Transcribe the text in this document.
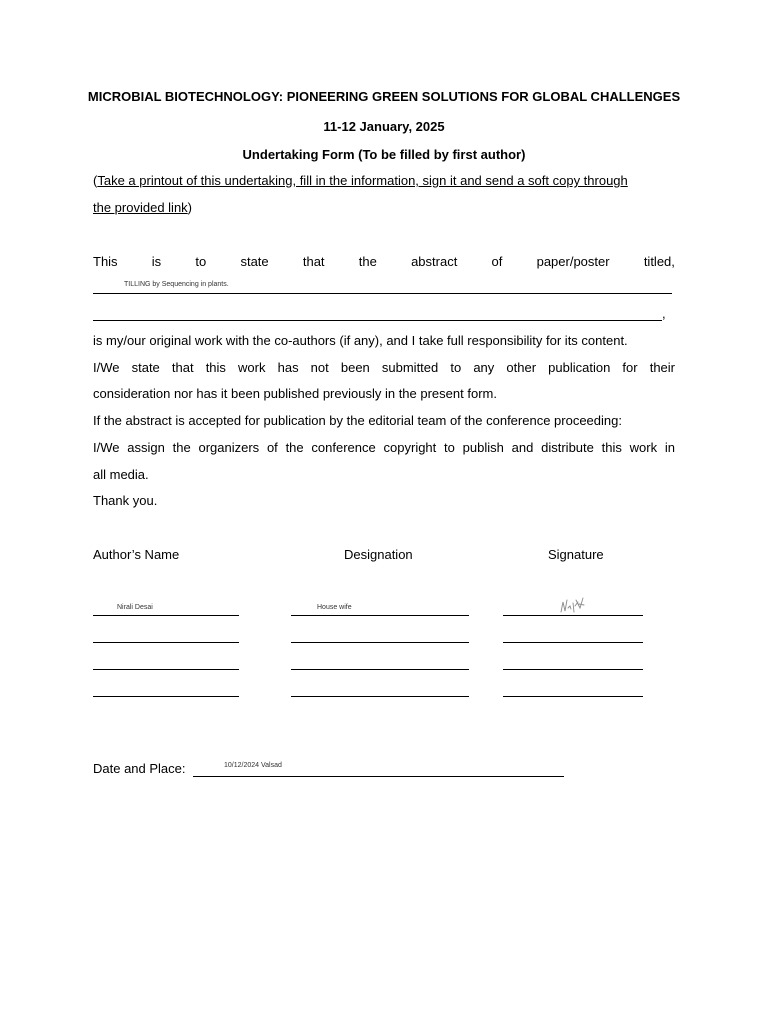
MICROBIAL BIOTECHNOLOGY: PIONEERING GREEN SOLUTIONS FOR GLOBAL CHALLENGES
11-12 January, 2025
Undertaking Form (To be filled by first author)
(Take a printout of this undertaking, fill in the information, sign it and send a soft copy through
the provided link)
This	is	to	state	that	the	abstract	of	paper/poster	titled,
TILLING by Sequencing in plants.
,
is my/our original work with the co-authors (if any), and I take full responsibility for its content.
I/We state that this work has not been submitted to any other publication for their
consideration nor has it been published previously in the present form.
If the abstract is accepted for publication by the editorial team of the conference proceeding:
I/We assign the organizers of the conference copyright to publish and distribute this work in
all media.
Thank you.
Author’s Name	Designation	Signature
Nirali Desai	House wife
Date and Place:	10/12/2024 Valsad
